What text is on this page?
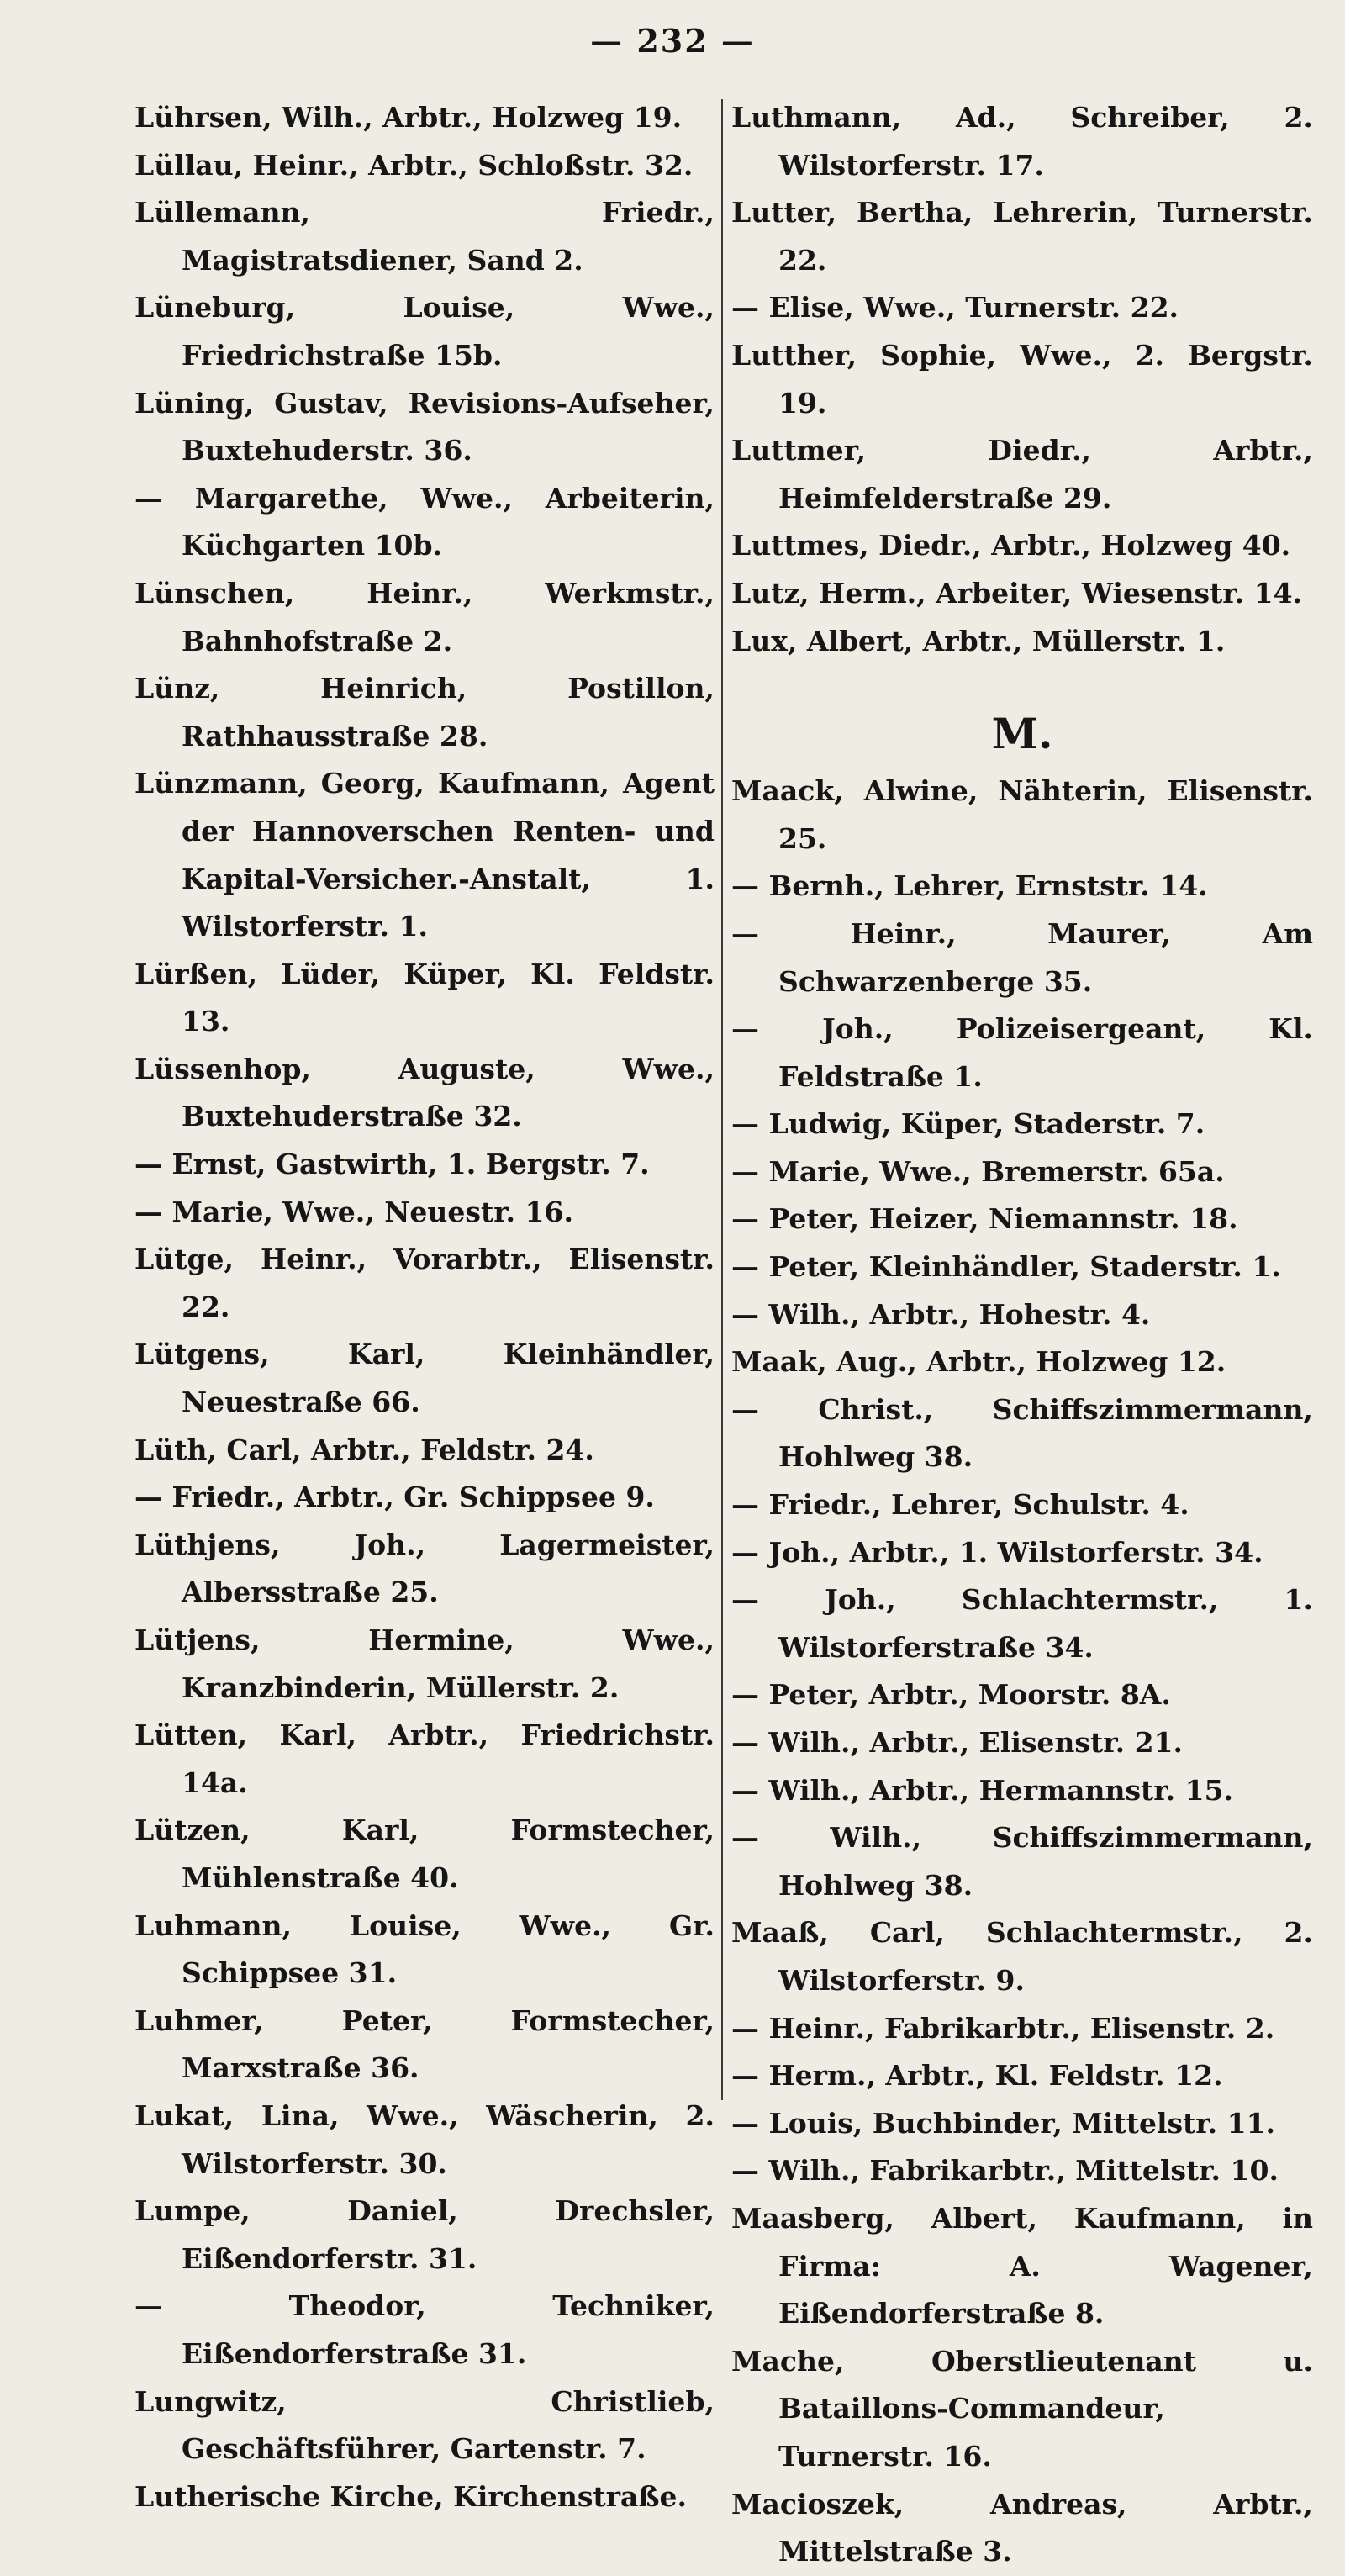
— 232 —

Lührsen, Wilh., Arbtr., Holzweg 19.

Lüllau, Heinr., Arbtr., Schloßstr. 32.

Lüllemann, Friedr., Magistratsdiener, Sand 2.

Lüneburg, Louise, Wwe., Friedrichstraße 15b.

Lüning, Gustav, Revisions-Aufseher, Buxtehuderstr. 36.

— Margarethe, Wwe., Arbeiterin, Küchgarten 10b.

Lünschen, Heinr., Werkmstr., Bahnhofstraße 2.

Lünz, Heinrich, Postillon, Rathhausstraße 28.

Lünzmann, Georg, Kaufmann, Agent der Hannoverschen Renten- und Kapital-Versicher.-Anstalt, 1. Wilstorferstr. 1.

Lürßen, Lüder, Küper, Kl. Feldstr. 13.

Lüssenhop, Auguste, Wwe., Buxtehuderstraße 32.

— Ernst, Gastwirth, 1. Bergstr. 7.

— Marie, Wwe., Neuestr. 16.

Lütge, Heinr., Vorarbtr., Elisenstr. 22.

Lütgens, Karl, Kleinhändler, Neuestraße 66.

Lüth, Carl, Arbtr., Feldstr. 24.

— Friedr., Arbtr., Gr. Schippsee 9.

Lüthjens, Joh., Lagermeister, Albersstraße 25.

Lütjens, Hermine, Wwe., Kranzbinderin, Müllerstr. 2.

Lütten, Karl, Arbtr., Friedrichstr. 14a.

Lützen, Karl, Formstecher, Mühlenstraße 40.

Luhmann, Louise, Wwe., Gr. Schippsee 31.

Luhmer, Peter, Formstecher, Marxstraße 36.

Lukat, Lina, Wwe., Wäscherin, 2. Wilstorferstr. 30.

Lumpe, Daniel, Drechsler, Eißendorferstr. 31.

— Theodor, Techniker, Eißendorferstraße 31.

Lungwitz, Christlieb, Geschäftsführer, Gartenstr. 7.

Lutherische Kirche, Kirchenstraße.

Luthmann, Ad., Schreiber, 2. Wilstorferstr. 17.

Lutter, Bertha, Lehrerin, Turnerstr. 22.

— Elise, Wwe., Turnerstr. 22.

Lutther, Sophie, Wwe., 2. Bergstr. 19.

Luttmer, Diedr., Arbtr., Heimfelderstraße 29.

Luttmes, Diedr., Arbtr., Holzweg 40.

Lutz, Herm., Arbeiter, Wiesenstr. 14.

Lux, Albert, Arbtr., Müllerstr. 1.

M.

Maack, Alwine, Nähterin, Elisenstr. 25.

— Bernh., Lehrer, Ernststr. 14.

— Heinr., Maurer, Am Schwarzenberge 35.

— Joh., Polizeisergeant, Kl. Feldstraße 1.

— Ludwig, Küper, Staderstr. 7.

— Marie, Wwe., Bremerstr. 65a.

— Peter, Heizer, Niemannstr. 18.

— Peter, Kleinhändler, Staderstr. 1.

— Wilh., Arbtr., Hohestr. 4.

Maak, Aug., Arbtr., Holzweg 12.

— Christ., Schiffszimmermann, Hohlweg 38.

— Friedr., Lehrer, Schulstr. 4.

— Joh., Arbtr., 1. Wilstorferstr. 34.

— Joh., Schlachtermstr., 1. Wilstorferstraße 34.

— Peter, Arbtr., Moorstr. 8A.

— Wilh., Arbtr., Elisenstr. 21.

— Wilh., Arbtr., Hermannstr. 15.

— Wilh., Schiffszimmermann, Hohlweg 38.

Maaß, Carl, Schlachtermstr., 2. Wilstorferstr. 9.

— Heinr., Fabrikarbtr., Elisenstr. 2.

— Herm., Arbtr., Kl. Feldstr. 12.

— Louis, Buchbinder, Mittelstr. 11.

— Wilh., Fabrikarbtr., Mittelstr. 10.

Maasberg, Albert, Kaufmann, in Firma: A. Wagener, Eißendorferstraße 8.

Mache, Oberstlieutenant u. Bataillons-Commandeur, Turnerstr. 16.

Macioszek, Andreas, Arbtr., Mittelstraße 3.
